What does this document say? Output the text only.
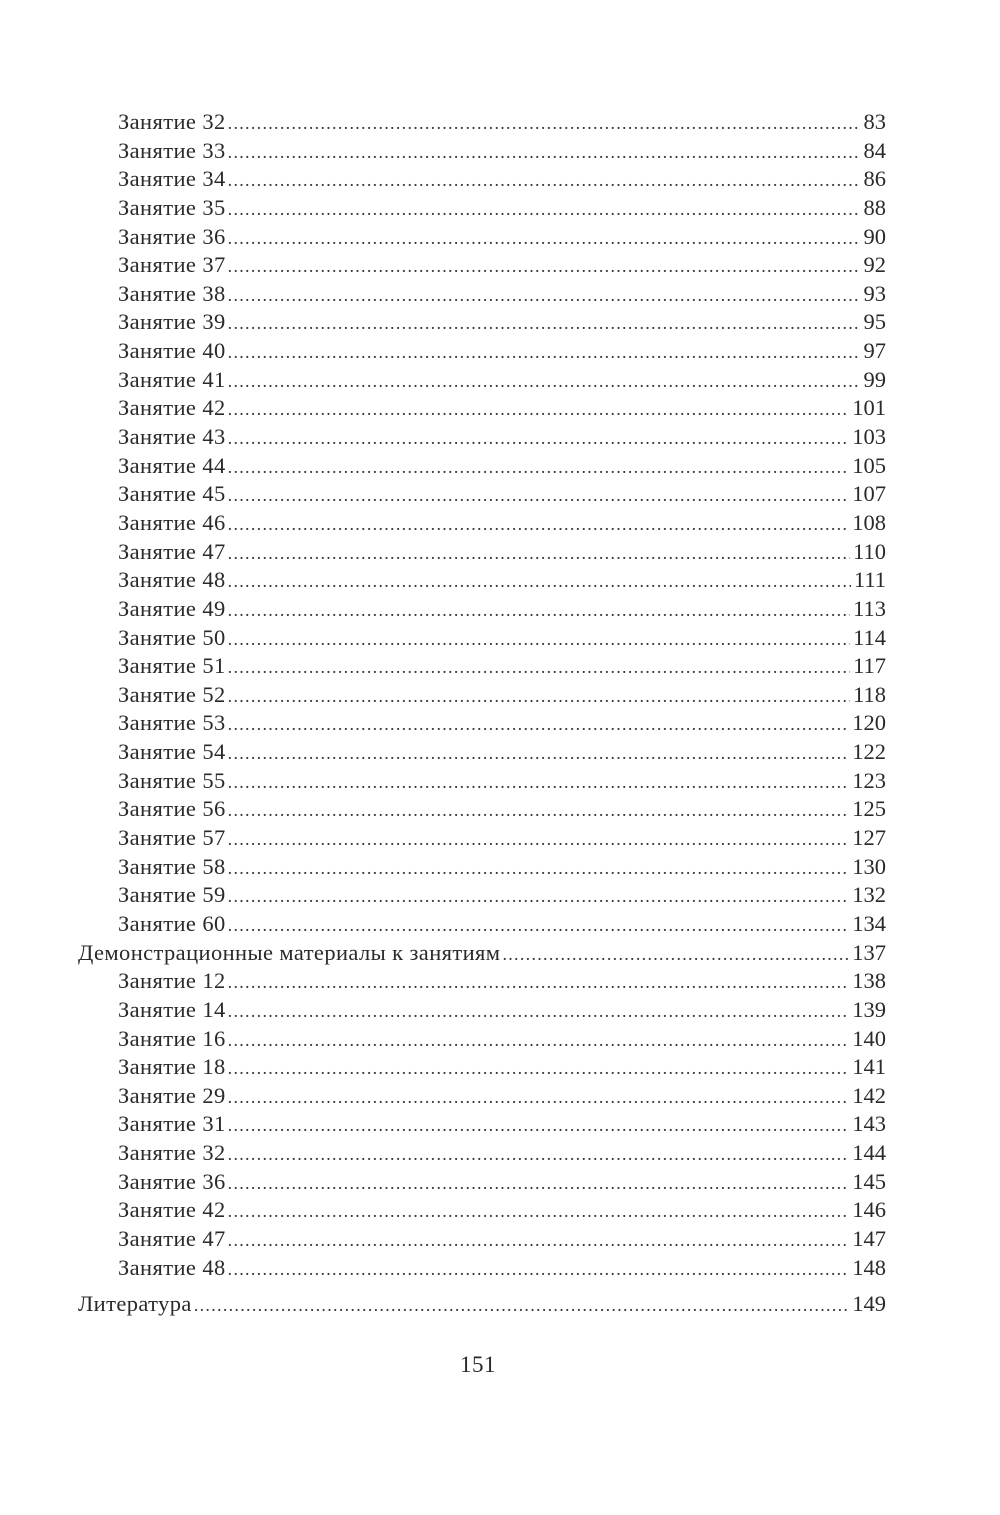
Занятие 32 . . .	83
Занятие 33 . . .	84
Занятие 34 . . .	86
Занятие 35 . . .	88
Занятие 36 . . .	90
Занятие 37 . . .	92
Занятие 38 . . .	93
Занятие 39 . . .	95
Занятие 40 . . .	97
Занятие 41 . . .	99
Занятие 42 . . .	101
Занятие 43 . . .	103
Занятие 44 . . .	105
Занятие 45 . . .	107
Занятие 46 . . .	108
Занятие 47 . . .	110
Занятие 48 . . .	111
Занятие 49 . . .	113
Занятие 50 . . .	114
Занятие 51 . . .	117
Занятие 52 . . .	118
Занятие 53 . . .	120
Занятие 54 . . .	122
Занятие 55 . . .	123
Занятие 56 . . .	125
Занятие 57 . . .	127
Занятие 58 . . .	130
Занятие 59 . . .	132
Занятие 60 . . .	134
Демонстрационные материалы к занятиям . . .	137
Занятие 12 . . .	138
Занятие 14 . . .	139
Занятие 16 . . .	140
Занятие 18 . . .	141
Занятие 29 . . .	142
Занятие 31 . . .	143
Занятие 32 . . .	144
Занятие 36 . . .	145
Занятие 42 . . .	146
Занятие 47 . . .	147
Занятие 48 . . .	148
Литература . . .	149
151
